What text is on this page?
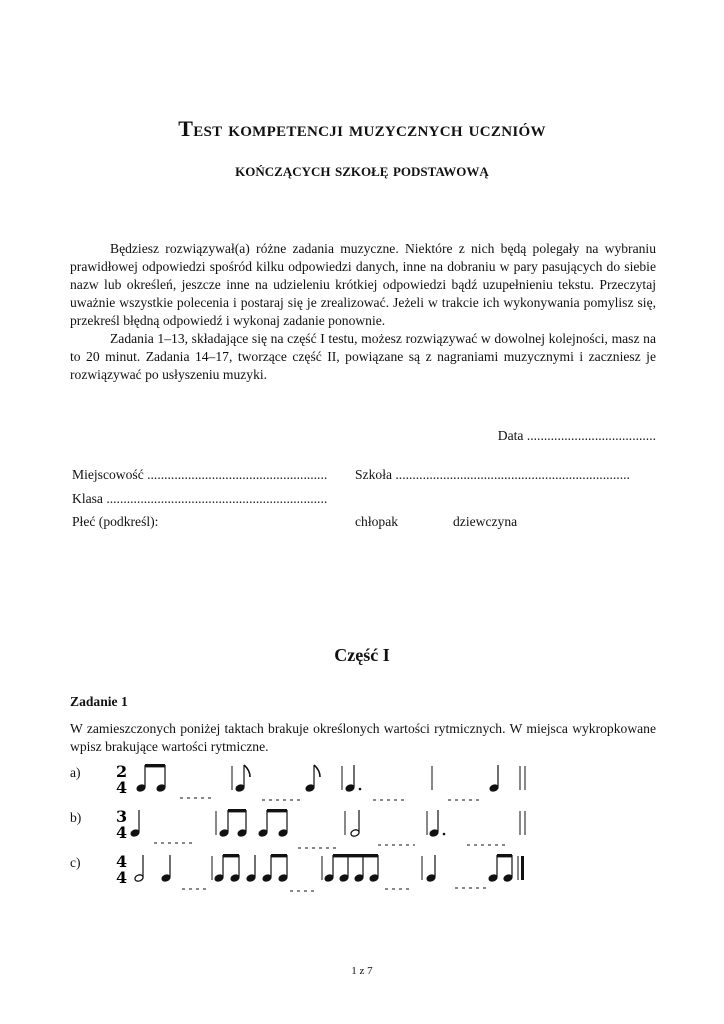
Test kompetencji muzycznych uczniów
kończących szkołę podstawową

Będziesz rozwiązywał(a) różne zadania muzyczne. Niektóre z nich będą polegały na wybraniu prawidłowej odpowiedzi spośród kilku odpowiedzi danych, inne na dobraniu w pary pasujących do siebie nazw lub określeń, jeszcze inne na udzieleniu krótkiej odpowiedzi bądź uzupełnieniu tekstu. Przeczytaj uważnie wszystkie polecenia i postaraj się je zrealizować. Jeżeli w trakcie ich wykonywania pomylisz się, przekreśl błędną odpowiedź i wykonaj zadanie ponownie.

Zadania 1–13, składające się na część I testu, możesz rozwiązywać w dowolnej kolejności, masz na to 20 minut. Zadania 14–17, tworzące część II, powiązane są z nagraniami muzycznymi i zaczniesz je rozwiązywać po usłyszeniu muzyki.

Data ......................................
Miejscowość ..................................................... Szkoła .....................................................................
Klasa .................................................................
Płeć (podkreśl):	chłopak	dziewczyna
Część I
Zadanie 1
W zamieszczonych poniżej taktach brakuje określonych wartości rytmicznych. W miejsca wykropkowane wpisz brakujące wartości rytmiczne.
a) 2
4
b) 3
4
c) 4
4
1 z 7
